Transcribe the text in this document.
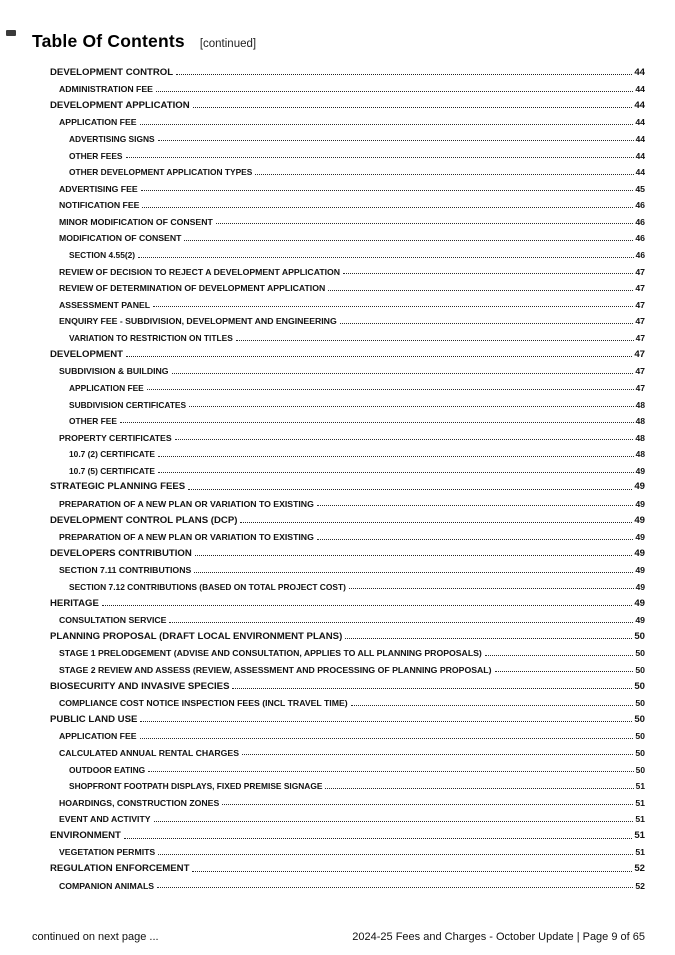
Table Of Contents [continued]
DEVELOPMENT CONTROL	44
ADMINISTRATION FEE	44
DEVELOPMENT APPLICATION	44
APPLICATION FEE	44
ADVERTISING SIGNS	44
OTHER FEES	44
OTHER DEVELOPMENT APPLICATION TYPES	44
ADVERTISING FEE	45
NOTIFICATION FEE	46
MINOR MODIFICATION OF CONSENT	46
MODIFICATION OF CONSENT	46
SECTION 4.55(2)	46
REVIEW OF DECISION TO REJECT A DEVELOPMENT APPLICATION	47
REVIEW OF DETERMINATION OF DEVELOPMENT APPLICATION	47
ASSESSMENT PANEL	47
ENQUIRY FEE - SUBDIVISION, DEVELOPMENT AND ENGINEERING	47
VARIATION TO RESTRICTION ON TITLES	47
DEVELOPMENT	47
SUBDIVISION & BUILDING	47
APPLICATION FEE	47
SUBDIVISION CERTIFICATES	48
OTHER FEE	48
PROPERTY CERTIFICATES	48
10.7 (2) CERTIFICATE	48
10.7 (5) CERTIFICATE	49
STRATEGIC PLANNING FEES	49
PREPARATION OF A NEW PLAN OR VARIATION TO EXISTING	49
DEVELOPMENT CONTROL PLANS (DCP)	49
PREPARATION OF A NEW PLAN OR VARIATION TO EXISTING	49
DEVELOPERS CONTRIBUTION	49
SECTION 7.11 CONTRIBUTIONS	49
SECTION 7.12 CONTRIBUTIONS (BASED ON TOTAL PROJECT COST)	49
HERITAGE	49
CONSULTATION SERVICE	49
PLANNING PROPOSAL (DRAFT LOCAL ENVIRONMENT PLANS)	50
STAGE 1 PRELODGEMENT (ADVISE AND CONSULTATION, APPLIES TO ALL PLANNING PROPOSALS)	50
STAGE 2 REVIEW AND ASSESS (REVIEW, ASSESSMENT AND PROCESSING OF PLANNING PROPOSAL)	50
BIOSECURITY AND INVASIVE SPECIES	50
COMPLIANCE COST NOTICE INSPECTION FEES (INCL TRAVEL TIME)	50
PUBLIC LAND USE	50
APPLICATION FEE	50
CALCULATED ANNUAL RENTAL CHARGES	50
OUTDOOR EATING	50
SHOPFRONT FOOTPATH DISPLAYS, FIXED PREMISE SIGNAGE	51
HOARDINGS, CONSTRUCTION ZONES	51
EVENT AND ACTIVITY	51
ENVIRONMENT	51
VEGETATION PERMITS	51
REGULATION ENFORCEMENT	52
COMPANION ANIMALS	52
continued on next page ...	2024-25 Fees and Charges - October Update | Page 9 of 65
